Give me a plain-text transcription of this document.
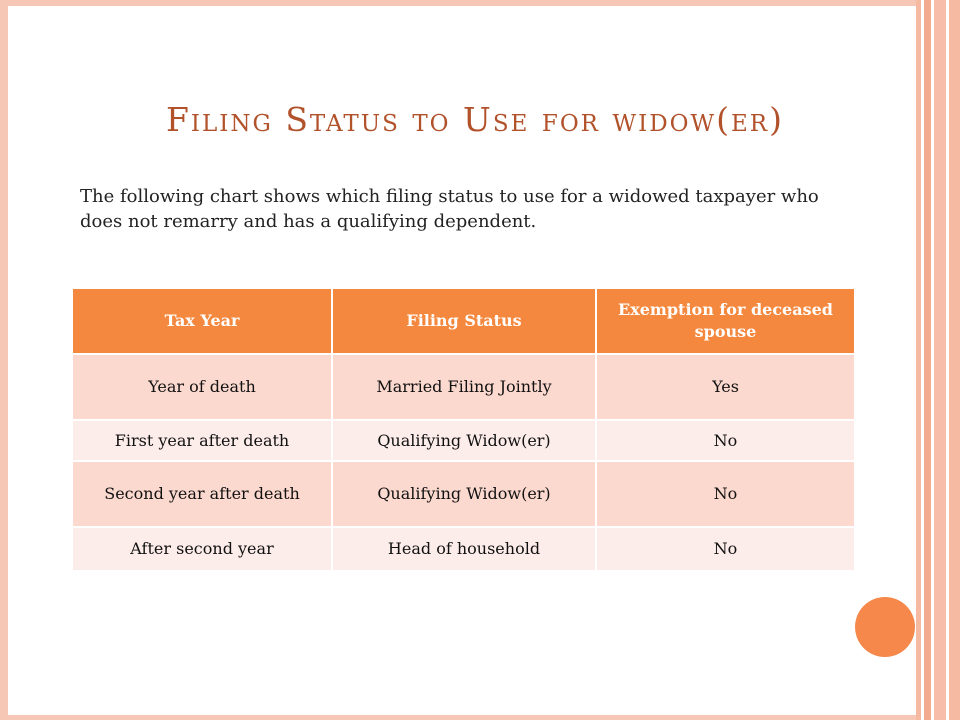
Filing Status to Use for widow(er)

The following chart shows which filing status to use for a widowed taxpayer who does not remarry and has a qualifying dependent.

Tax Year	Filing Status	Exemption for deceased spouse
Year of death	Married Filing Jointly	Yes
First year after death	Qualifying Widow(er)	No
Second year after death	Qualifying Widow(er)	No
After second year	Head of household	No
